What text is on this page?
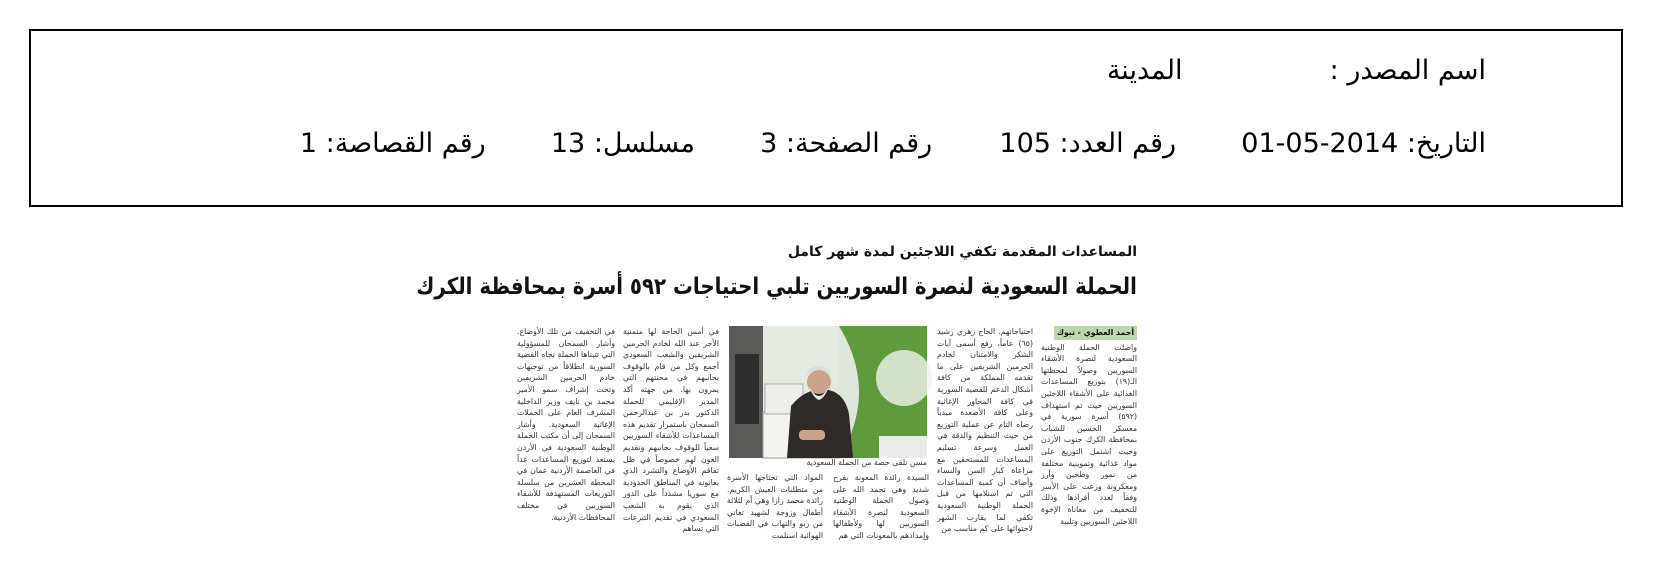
اسم المصدر :  المدينة
التاريخ: 2014-05-01  رقم العدد: 105  رقم الصفحة: 3  مسلسل: 13  رقم القصاصة: 1
المساعدات المقدمة تكفي اللاجئين لمدة شهر كامل
الحملة السعودية لنصرة السوريين تلبي احتياجات ٥٩٢ أسرة بمحافظة الكرك
أحمد العطوي - تبوك
واصلت الحملة الوطنية السعودية لنصرة الأشقاء السوريين وصولاً لمحطتها الـ(١٩) بتوزيع المساعدات الغذائية على الأشقاء اللاجئين السوريين حيث تم استهداف (٥٩٢) أسرة سورية في معسكر الحسين للشباب بمحافظة الكرك جنوب الأردن وحيث اشتمل التوزيع على مواد غذائية وتموينية مختلفة من تمور وطحين وأرز ومعكرونة وزعت على الأسر وفقاً لعدد أفرادها وذلك للتخفيف من معاناة الإخوة اللاجئين السوريين وتلبية
احتياجاتهم. الحاج زهري رشيد (٦٥) عاماً، رفع أسمى آيات الشكر والامتنان لخادم الحرمين الشريفين على ما تقدمه المملكة من كافة أشكال الدعم للقضية السورية في كافة المحاور الإغاثية وعلى كافة الأصعدة مبدياً رضاه التام عن عملية التوزيع من حيث التنظيم والدقة في العمل وسرعة تسليم المساعدات للمستحقين مع مراعاة كبار السن والنساء وأضاف أن كمية المساعدات التي تم استلامها من قبل الحملة الوطنية السعودية تكفي لما يقارب الشهر لاحتوائها على كم مناسب من
مسن تلقى حصة من الحملة السعودية
المواد التي تحتاجها الأسرة من متطلبات العيش الكريم. رائدة محمد زازا وهي أم لثلاثة أطفال وزوجة لشهيد تعاني من ربو والتهاب في القصبات الهوائية استلمت
السيدة رائدة المعونة بفرح شديد وهي تحمد الله على وصول الحملة الوطنية السعودية لنصرة الأشقاء السوريين لها ولأطفالها وإمدادهم بالمعونات التي هم
في أمس الحاجة لها متمنية الأجر عند الله لخادم الحرمين الشريفين والشعب السعودي أجمع وكل من قام بالوقوف بجانبهم في محنتهم التي يمرون بها. من جهته أكد المدير الإقليمي للحملة الدكتور بدر بن عبدالرحمن السمحان باستمرار تقديم هذه المساعدات للأشقاء السوريين سعياً للوقوف بجانبهم وتقديم العون لهم خصوصاً في ظل تفاقم الأوضاع والتشرد الذي يعانونه في المناطق الحدودية مع سوريا مشدداً على الدور الذي يقوم به الشعب السعودي في تقديم التبرعات التي تساهم
في التخفيف من تلك الأوضاع. وأشار السمحان للمسؤولية التي تتبناها الحملة تجاه القضية السورية انطلاقاً من توجيهات خادم الحرمين الشريفين وتحت إشراف سمو الأمير محمد بن نايف وزير الداخلية المشرف العام على الحملات الإغاثية السعودية. وأشار السمحان إلى أن مكتب الحملة الوطنية السعودية في الأردن يستعد لتوزيع المساعدات غداً في العاصمة الأردنية عمان في المحطة العشرين من سلسلة التوزيعات المستهدفة للأشقاء السوريين في مختلف المحافظات الأردنية.
